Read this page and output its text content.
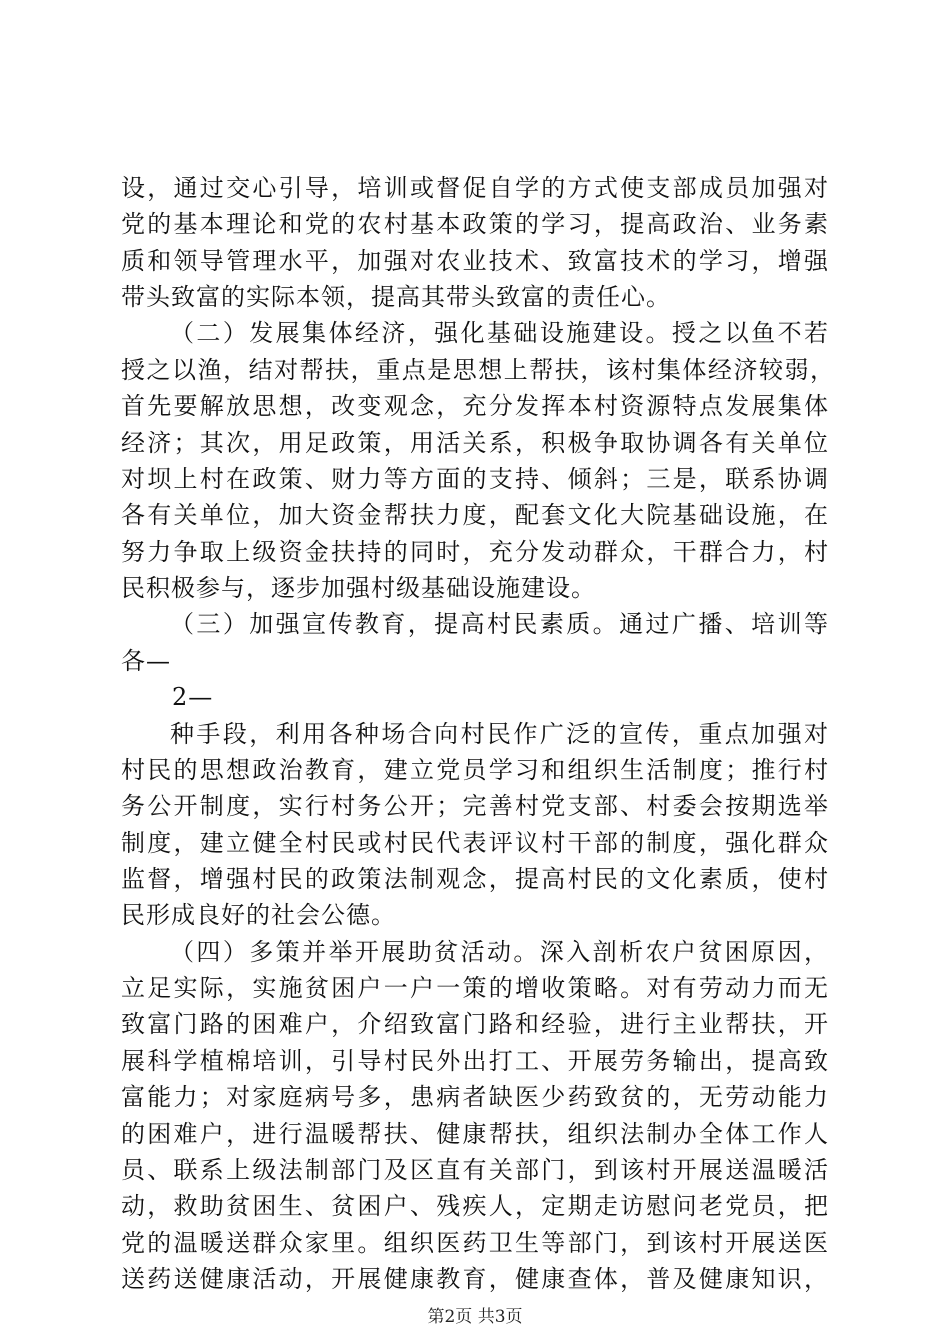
设，通过交心引导，培训或督促自学的方式使支部成员加强对
党的基本理论和党的农村基本政策的学习，提高政治、业务素
质和领导管理水平，加强对农业技术、致富技术的学习，增强
带头致富的实际本领，提高其带头致富的责任心。
（二）发展集体经济，强化基础设施建设。授之以鱼不若
授之以渔，结对帮扶，重点是思想上帮扶，该村集体经济较弱，
首先要解放思想，改变观念，充分发挥本村资源特点发展集体
经济；其次，用足政策，用活关系，积极争取协调各有关单位
对坝上村在政策、财力等方面的支持、倾斜；三是，联系协调
各有关单位，加大资金帮扶力度，配套文化大院基础设施，在
努力争取上级资金扶持的同时，充分发动群众，干群合力，村
民积极参与，逐步加强村级基础设施建设。
（三）加强宣传教育，提高村民素质。通过广播、培训等
各—
2—
种手段，利用各种场合向村民作广泛的宣传，重点加强对
村民的思想政治教育，建立党员学习和组织生活制度；推行村
务公开制度，实行村务公开；完善村党支部、村委会按期选举
制度，建立健全村民或村民代表评议村干部的制度，强化群众
监督，增强村民的政策法制观念，提高村民的文化素质，使村
民形成良好的社会公德。
（四）多策并举开展助贫活动。深入剖析农户贫困原因，
立足实际，实施贫困户一户一策的增收策略。对有劳动力而无
致富门路的困难户，介绍致富门路和经验，进行主业帮扶，开
展科学植棉培训，引导村民外出打工、开展劳务输出，提高致
富能力；对家庭病号多，患病者缺医少药致贫的，无劳动能力
的困难户，进行温暖帮扶、健康帮扶，组织法制办全体工作人
员、联系上级法制部门及区直有关部门，到该村开展送温暖活
动，救助贫困生、贫困户、残疾人，定期走访慰问老党员，把
党的温暖送群众家里。组织医药卫生等部门，到该村开展送医
送药送健康活动，开展健康教育，健康查体，普及健康知识，
第2页 共3页
